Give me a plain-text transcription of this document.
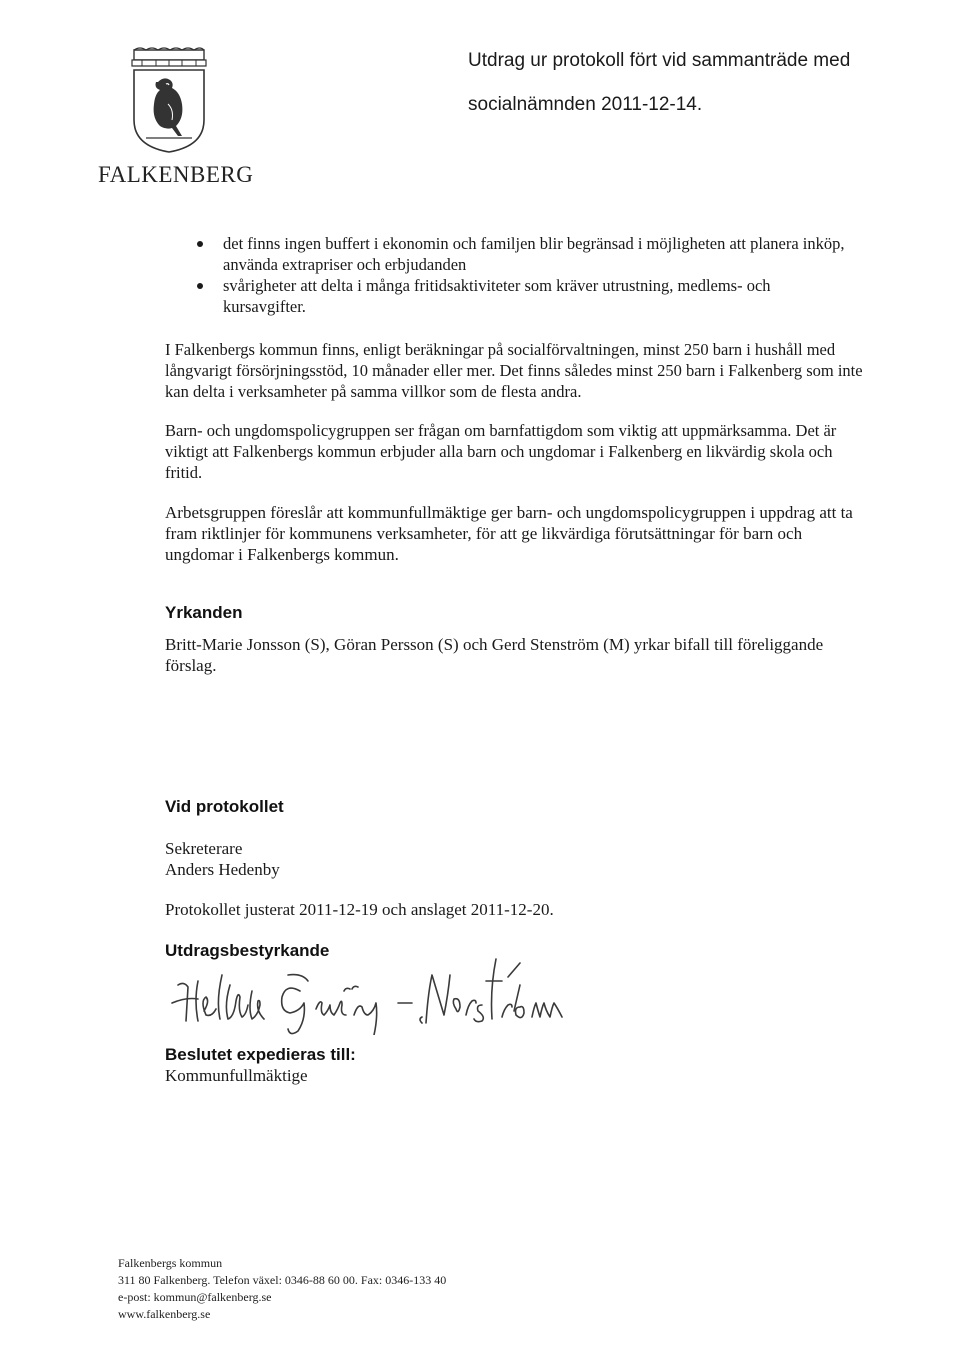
FALKENBERG
Utdrag ur protokoll fört vid sammanträde med
socialnämnden 2011-12-14.
det finns ingen buffert i ekonomin och familjen blir begränsad i möjligheten att planera inköp, använda extrapriser och erbjudanden
svårigheter att delta i många fritidsaktiviteter som kräver utrustning, medlems- och kursavgifter.
I Falkenbergs kommun finns, enligt beräkningar på socialförvaltningen, minst 250 barn i hushåll med långvarigt försörjningsstöd, 10 månader eller mer. Det finns således minst 250 barn i Falkenberg som inte kan delta i verksamheter på samma villkor som de flesta andra.
Barn- och ungdomspolicygruppen ser frågan om barnfattigdom som viktig att uppmärksamma. Det är viktigt att Falkenbergs kommun erbjuder alla barn och ungdomar i Falkenberg en likvärdig skola och fritid.
Arbetsgruppen föreslår att kommunfullmäktige ger barn- och ungdomspolicygruppen i uppdrag att ta fram riktlinjer för kommunens verksamheter, för att ge likvärdiga förutsättningar för barn och ungdomar i Falkenbergs kommun.
Yrkanden
Britt-Marie Jonsson (S), Göran Persson (S) och Gerd Stenström (M) yrkar bifall till föreliggande förslag.
Vid protokollet
Sekreterare
Anders Hedenby
Protokollet justerat 2011-12-19 och anslaget 2011-12-20.
Utdragsbestyrkande
Beslutet expedieras till:
Kommunfullmäktige
Falkenbergs kommun
311 80 Falkenberg. Telefon växel: 0346-88 60 00. Fax: 0346-133 40
e-post: kommun@falkenberg.se
www.falkenberg.se
